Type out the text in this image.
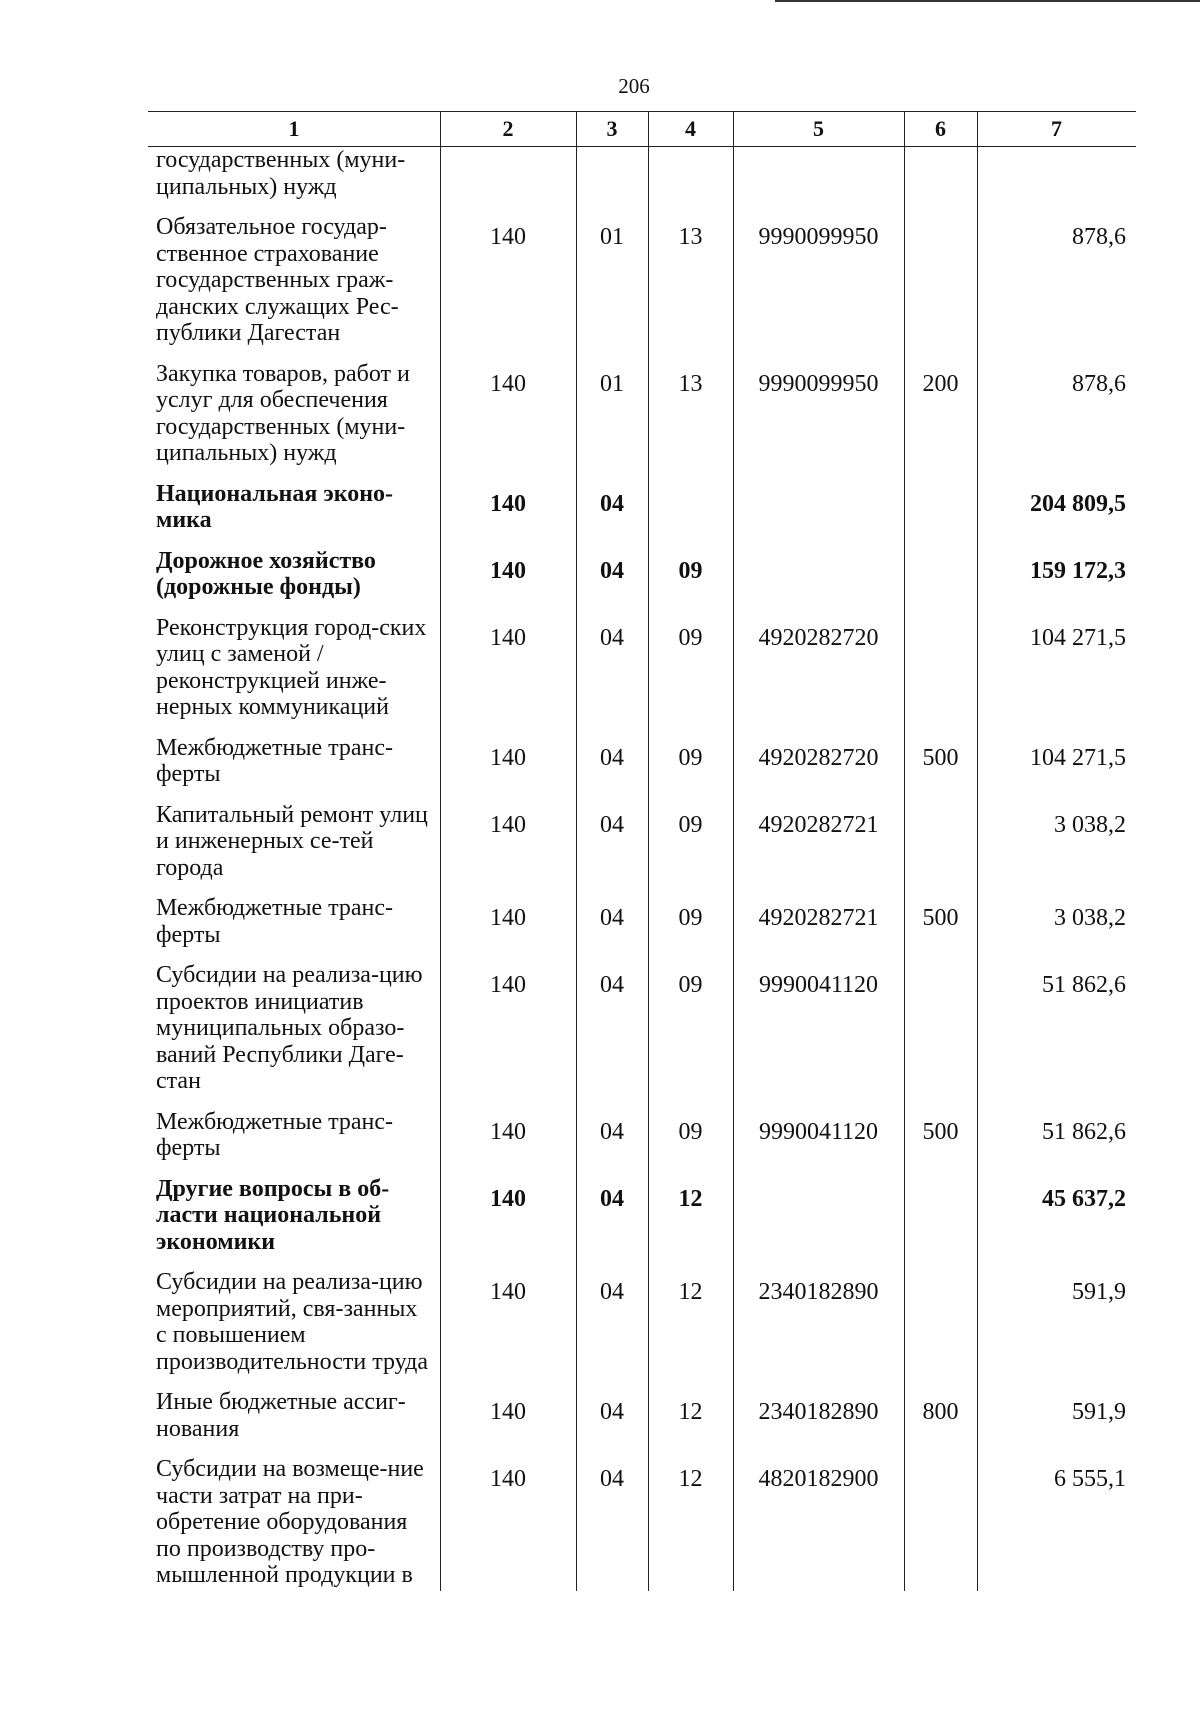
206
1	2	3	4	5	6	7
государственных (муни-ципальных) нужд						
Обязательное государ-ственное страхование государственных граж-данских служащих Рес-публики Дагестан	140	01	13	9990099950		878,6
Закупка товаров, работ и услуг для обеспечения государственных (муни-ципальных) нужд	140	01	13	9990099950	200	878,6
Национальная эконо-мика	140	04				204 809,5
Дорожное хозяйство (дорожные фонды)	140	04	09			159 172,3
Реконструкция город-ских улиц с заменой / реконструкцией инже-нерных коммуникаций	140	04	09	4920282720		104 271,5
Межбюджетные транс-ферты	140	04	09	4920282720	500	104 271,5
Капитальный ремонт улиц и инженерных се-тей города	140	04	09	4920282721		3 038,2
Межбюджетные транс-ферты	140	04	09	4920282721	500	3 038,2
Субсидии на реализа-цию проектов инициатив муниципальных образо-ваний Республики Даге-стан	140	04	09	9990041120		51 862,6
Межбюджетные транс-ферты	140	04	09	9990041120	500	51 862,6
Другие вопросы в об-ласти национальной экономики	140	04	12			45 637,2
Субсидии на реализа-цию мероприятий, свя-занных с повышением производительности труда	140	04	12	2340182890		591,9
Иные бюджетные ассиг-нования	140	04	12	2340182890	800	591,9
Субсидии на возмеще-ние части затрат на при-обретение оборудования по производству про-мышленной продукции в	140	04	12	4820182900		6 555,1
